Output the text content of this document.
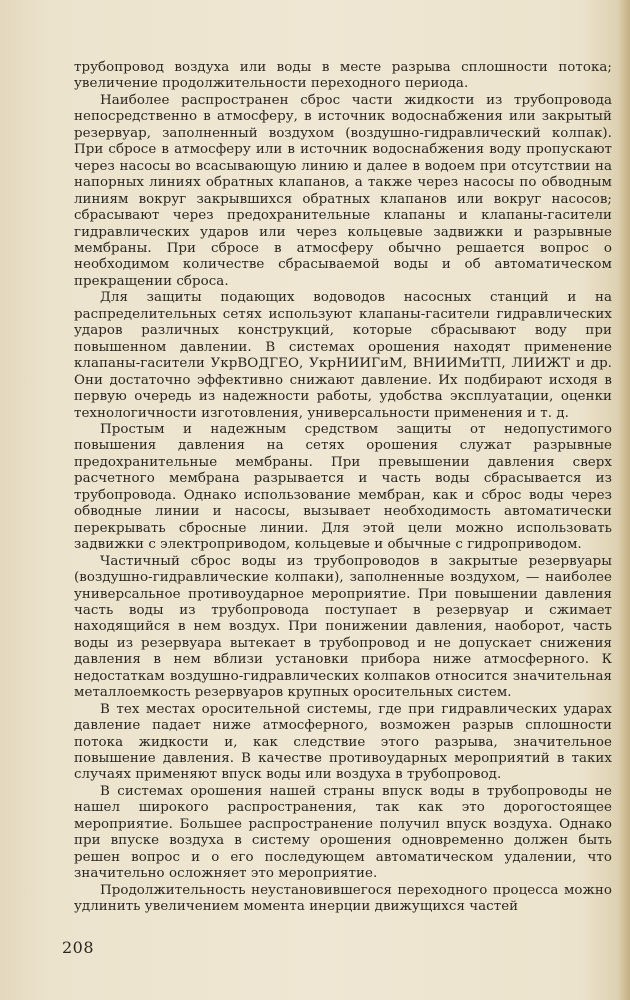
трубопровод воздуха или воды в месте разрыва сплошности потока; увеличение продолжительности переходного периода.

Наиболее распространен сброс части жидкости из трубопровода непосредственно в атмосферу, в источник водоснабжения или закрытый резервуар, заполненный воздухом (воздушно-гидравлический колпак). При сбросе в атмосферу или в источник водоснабжения воду пропускают через насосы во всасывающую линию и далее в водоем при отсутствии на напорных линиях обратных клапанов, а также через насосы по обводным линиям вокруг закрывшихся обратных клапанов или вокруг насосов; сбрасывают через предохранительные клапаны и клапаны-гасители гидравлических ударов или через кольцевые задвижки и разрывные мембраны. При сбросе в атмосферу обычно решается вопрос о необходимом количестве сбрасываемой воды и об автоматическом прекращении сброса.

Для защиты подающих водоводов насосных станций и на распределительных сетях используют клапаны-гасители гидравлических ударов различных конструкций, которые сбрасывают воду при повышенном давлении. В системах орошения находят применение клапаны-гасители УкрВОДГЕО, УкрНИИГиМ, ВНИИМиТП, ЛИИЖТ и др. Они достаточно эффективно снижают давление. Их подбирают исходя в первую очередь из надежности работы, удобства эксплуатации, оценки технологичности изготовления, универсальности применения и т. д.

Простым и надежным средством защиты от недопустимого повышения давления на сетях орошения служат разрывные предохранительные мембраны. При превышении давления сверх расчетного мембрана разрывается и часть воды сбрасывается из трубопровода. Однако использование мембран, как и сброс воды через обводные линии и насосы, вызывает необходимость автоматически перекрывать сбросные линии. Для этой цели можно использовать задвижки с электроприводом, кольцевые и обычные с гидроприводом.

Частичный сброс воды из трубопроводов в закрытые резервуары (воздушно-гидравлические колпаки), заполненные воздухом, — наиболее универсальное противоударное мероприятие. При повышении давления часть воды из трубопровода поступает в резервуар и сжимает находящийся в нем воздух. При понижении давления, наоборот, часть воды из резервуара вытекает в трубопровод и не допускает снижения давления в нем вблизи установки прибора ниже атмосферного. К недостаткам воздушно-гидравлических колпаков относится значительная металлоемкость резервуаров крупных оросительных систем.

В тех местах оросительной системы, где при гидравлических ударах давление падает ниже атмосферного, возможен разрыв сплошности потока жидкости и, как следствие этого разрыва, значительное повышение давления. В качестве противоударных мероприятий в таких случаях применяют впуск воды или воздуха в трубопровод.

В системах орошения нашей страны впуск воды в трубопроводы не нашел широкого распространения, так как это дорогостоящее мероприятие. Большее распространение получил впуск воздуха. Однако при впуске воздуха в систему орошения одновременно должен быть решен вопрос и о его последующем автоматическом удалении, что значительно осложняет это мероприятие.

Продолжительность неустановившегося переходного процесса можно удлинить увеличением момента инерции движущихся частей

208
